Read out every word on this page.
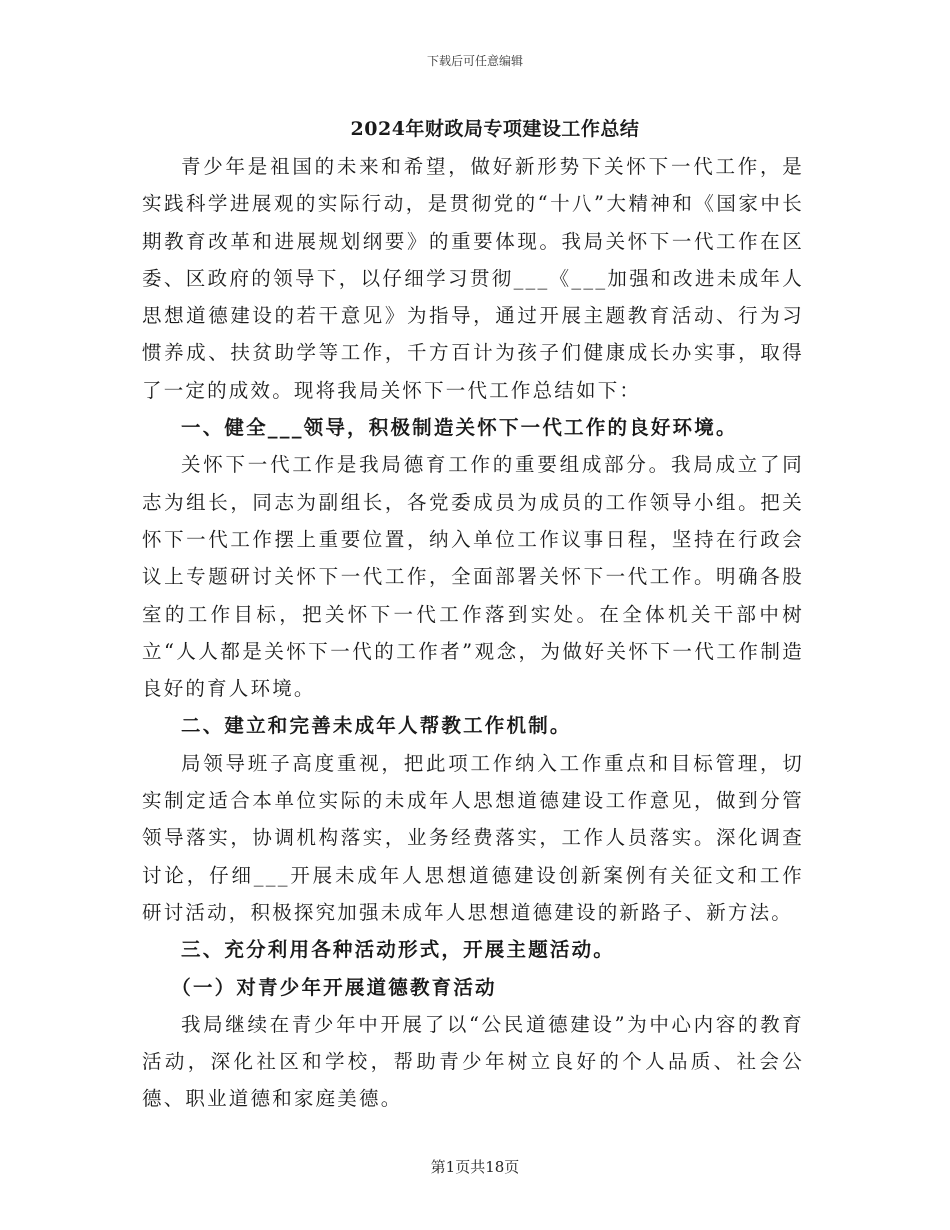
下载后可任意编辑
2024年财政局专项建设工作总结

青少年是祖国的未来和希望，做好新形势下关怀下一代工作，是实践科学进展观的实际行动，是贯彻党的“十八”大精神和《国家中长期教育改革和进展规划纲要》的重要体现。我局关怀下一代工作在区委、区政府的领导下，以仔细学习贯彻___《___加强和改进未成年人思想道德建设的若干意见》为指导，通过开展主题教育活动、行为习惯养成、扶贫助学等工作，千方百计为孩子们健康成长办实事，取得了一定的成效。现将我局关怀下一代工作总结如下：

一、健全___领导，积极制造关怀下一代工作的良好环境。

关怀下一代工作是我局德育工作的重要组成部分。我局成立了同志为组长，同志为副组长，各党委成员为成员的工作领导小组。把关怀下一代工作摆上重要位置，纳入单位工作议事日程，坚持在行政会议上专题研讨关怀下一代工作，全面部署关怀下一代工作。明确各股室的工作目标，把关怀下一代工作落到实处。在全体机关干部中树立“人人都是关怀下一代的工作者”观念，为做好关怀下一代工作制造良好的育人环境。

二、建立和完善未成年人帮教工作机制。

局领导班子高度重视，把此项工作纳入工作重点和目标管理，切实制定适合本单位实际的未成年人思想道德建设工作意见，做到分管领导落实，协调机构落实，业务经费落实，工作人员落实。深化调查讨论，仔细___开展未成年人思想道德建设创新案例有关征文和工作研讨活动，积极探究加强未成年人思想道德建设的新路子、新方法。

三、充分利用各种活动形式，开展主题活动。

（一）对青少年开展道德教育活动

我局继续在青少年中开展了以“公民道德建设”为中心内容的教育活动，深化社区和学校，帮助青少年树立良好的个人品质、社会公德、职业道德和家庭美德。

第1页共18页
